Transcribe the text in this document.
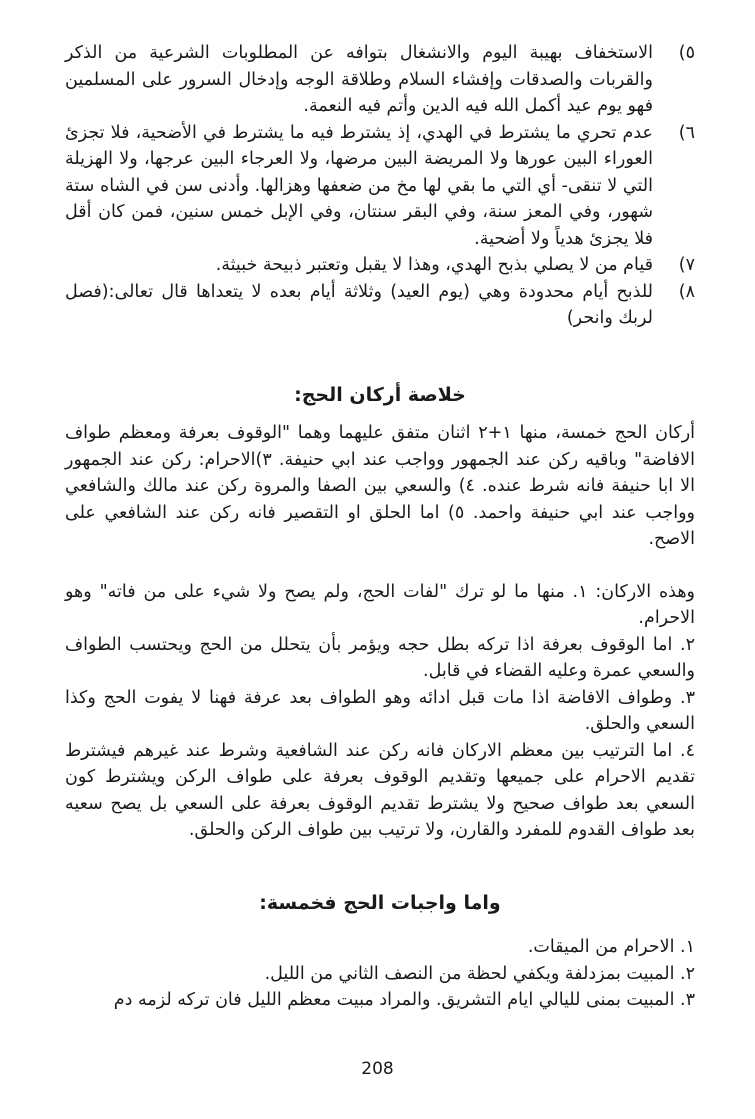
٥)
الاستخفاف بهيبة اليوم والانشغال بتوافه عن المطلوبات الشرعية من الذكر والقربات والصدقات وإفشاء السلام وطلاقة الوجه وإدخال السرور على المسلمين فهو يوم عيد أكمل الله فيه الدين وأتم فيه النعمة.
٦)
عدم تحري ما يشترط في الهدي، إذ يشترط فيه ما يشترط في الأضحية، فلا تجزئ العوراء البين عورها ولا المريضة البين مرضها، ولا العرجاء البين عرجها، ولا الهزيلة التي لا تنقى- أي التي ما بقي لها مخ من ضعفها وهزالها. وأدنى سن في الشاه ستة شهور، وفي المعز سنة، وفي البقر سنتان، وفي الإبل خمس سنين، فمن كان أقل فلا يجزئ هدياً ولا أضحية.
٧)
قيام من لا يصلي بذبح الهدي، وهذا لا يقبل وتعتبر ذبيحة خبيثة.
٨)
للذبح أيام محدودة وهي (يوم العيد) وثلاثة أيام بعده لا يتعداها قال تعالى:(فصل لربك وانحر)
خلاصة أركان الحج:

أركان الحج خمسة، منها ١+٢ اثنان متفق عليهما وهما "الوقوف بعرفة ومعظم طواف الافاضة" وباقيه ركن عند الجمهور وواجب عند ابي حنيفة. ٣)الاحرام: ركن عند الجمهور الا ابا حنيفة فانه شرط عنده. ٤) والسعي بين الصفا والمروة ركن عند مالك والشافعي وواجب عند ابي حنيفة واحمد. ٥) اما الحلق او التقصير فانه ركن عند الشافعي على الاصح.

وهذه الاركان: ١. منها ما لو ترك "لفات الحج، ولم يصح ولا شيء على من فاته" وهو الاحرام.

٢. اما الوقوف بعرفة اذا تركه بطل حجه ويؤمر بأن يتحلل من الحج ويحتسب الطواف والسعي عمرة وعليه القضاء في قابل.

٣. وطواف الافاضة اذا مات قبل ادائه وهو الطواف بعد عرفة فهنا لا يفوت الحج وكذا السعي والحلق.

٤. اما الترتيب بين معظم الاركان فانه ركن عند الشافعية وشرط عند غيرهم فيشترط تقديم الاحرام على جميعها وتقديم الوقوف بعرفة على طواف الركن ويشترط كون السعي بعد طواف صحيح ولا يشترط تقديم الوقوف بعرفة على السعي بل يصح سعيه بعد طواف القدوم للمفرد والقارن، ولا ترتيب بين طواف الركن والحلق.

واما واجبات الحج فخمسة:

١. الاحرام من الميقات.

٢. المبيت بمزدلفة ويكفي لحظة من النصف الثاني من الليل.

٣. المبيت بمنى لليالي ايام التشريق. والمراد مبيت معظم الليل فان تركه لزمه دم

208
